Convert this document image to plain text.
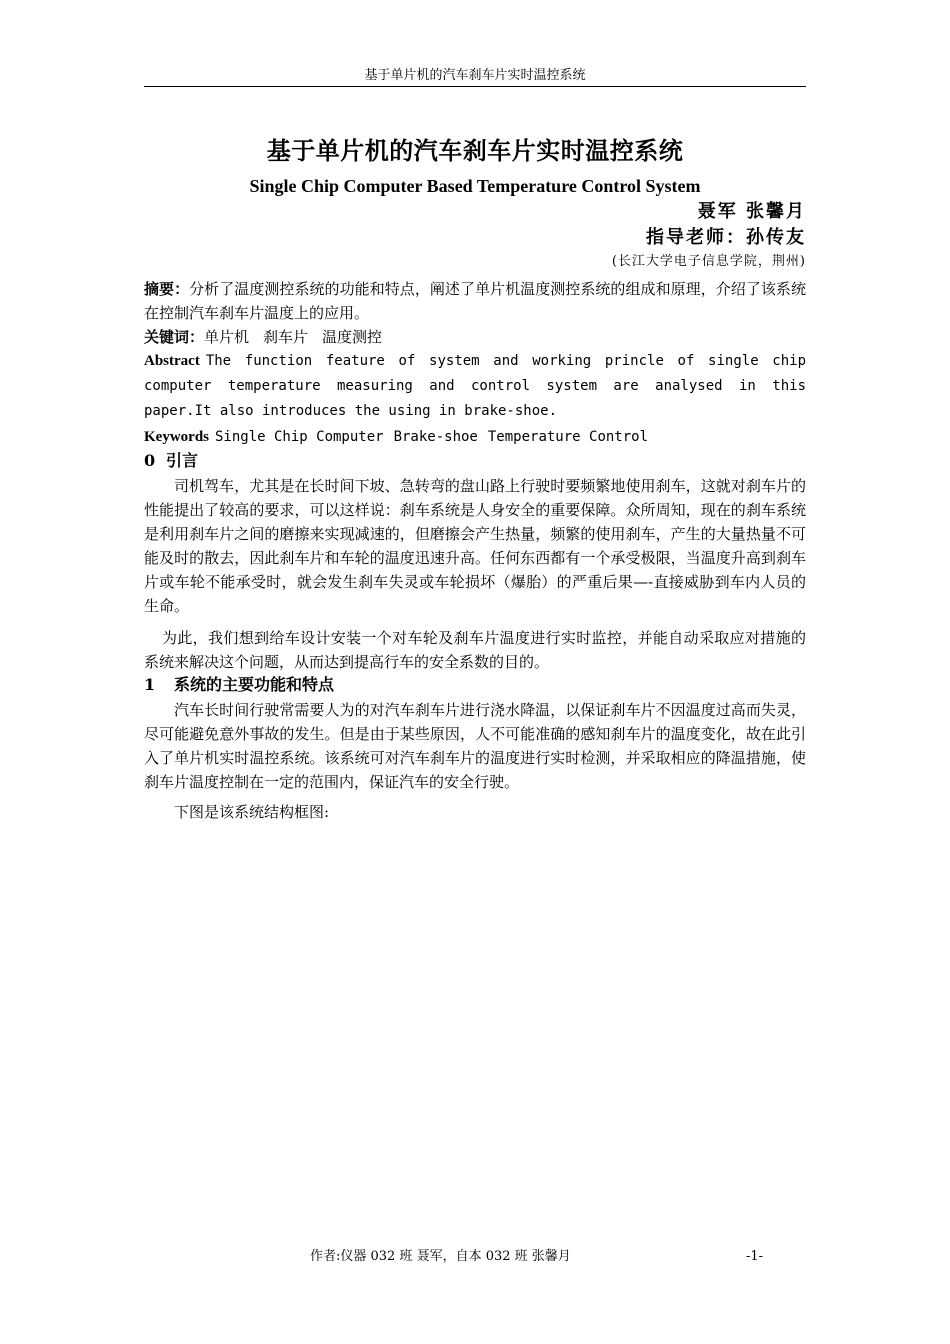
基于单片机的汽车刹车片实时温控系统
基于单片机的汽车刹车片实时温控系统
Single Chip Computer Based Temperature Control System
聂军 张馨月
指导老师：孙传友
(长江大学电子信息学院，荆州)
摘要：分析了温度测控系统的功能和特点，阐述了单片机温度测控系统的组成和原理，介绍了该系统在控制汽车刹车片温度上的应用。
关键词：单片机 刹车片 温度测控
Abstract The function feature of system and working princle of single chip computer temperature measuring and control system are analysed in this paper.It also introduces the using in brake-shoe.
Keywords Single Chip Computer Brake-shoe Temperature Control
0 引言
司机驾车，尤其是在长时间下坡、急转弯的盘山路上行驶时要频繁地使用刹车，这就对刹车片的性能提出了较高的要求，可以这样说：刹车系统是人身安全的重要保障。众所周知，现在的刹车系统是利用刹车片之间的磨擦来实现减速的，但磨擦会产生热量，频繁的使用刹车，产生的大量热量不可能及时的散去，因此刹车片和车轮的温度迅速升高。任何东西都有一个承受极限，当温度升高到刹车片或车轮不能承受时，就会发生刹车失灵或车轮损坏（爆胎）的严重后果—-直接威胁到车内人员的生命。
为此，我们想到给车设计安装一个对车轮及刹车片温度进行实时监控，并能自动采取应对措施的系统来解决这个问题，从而达到提高行车的安全系数的目的。
1 系统的主要功能和特点
汽车长时间行驶常需要人为的对汽车刹车片进行浇水降温，以保证刹车片不因温度过高而失灵，尽可能避免意外事故的发生。但是由于某些原因，人不可能准确的感知刹车片的温度变化，故在此引入了单片机实时温控系统。该系统可对汽车刹车片的温度进行实时检测，并采取相应的降温措施，使刹车片温度控制在一定的范围内，保证汽车的安全行驶。
下图是该系统结构框图:
作者:仪器 032 班 聂军，自本 032 班 张馨月	-1-
